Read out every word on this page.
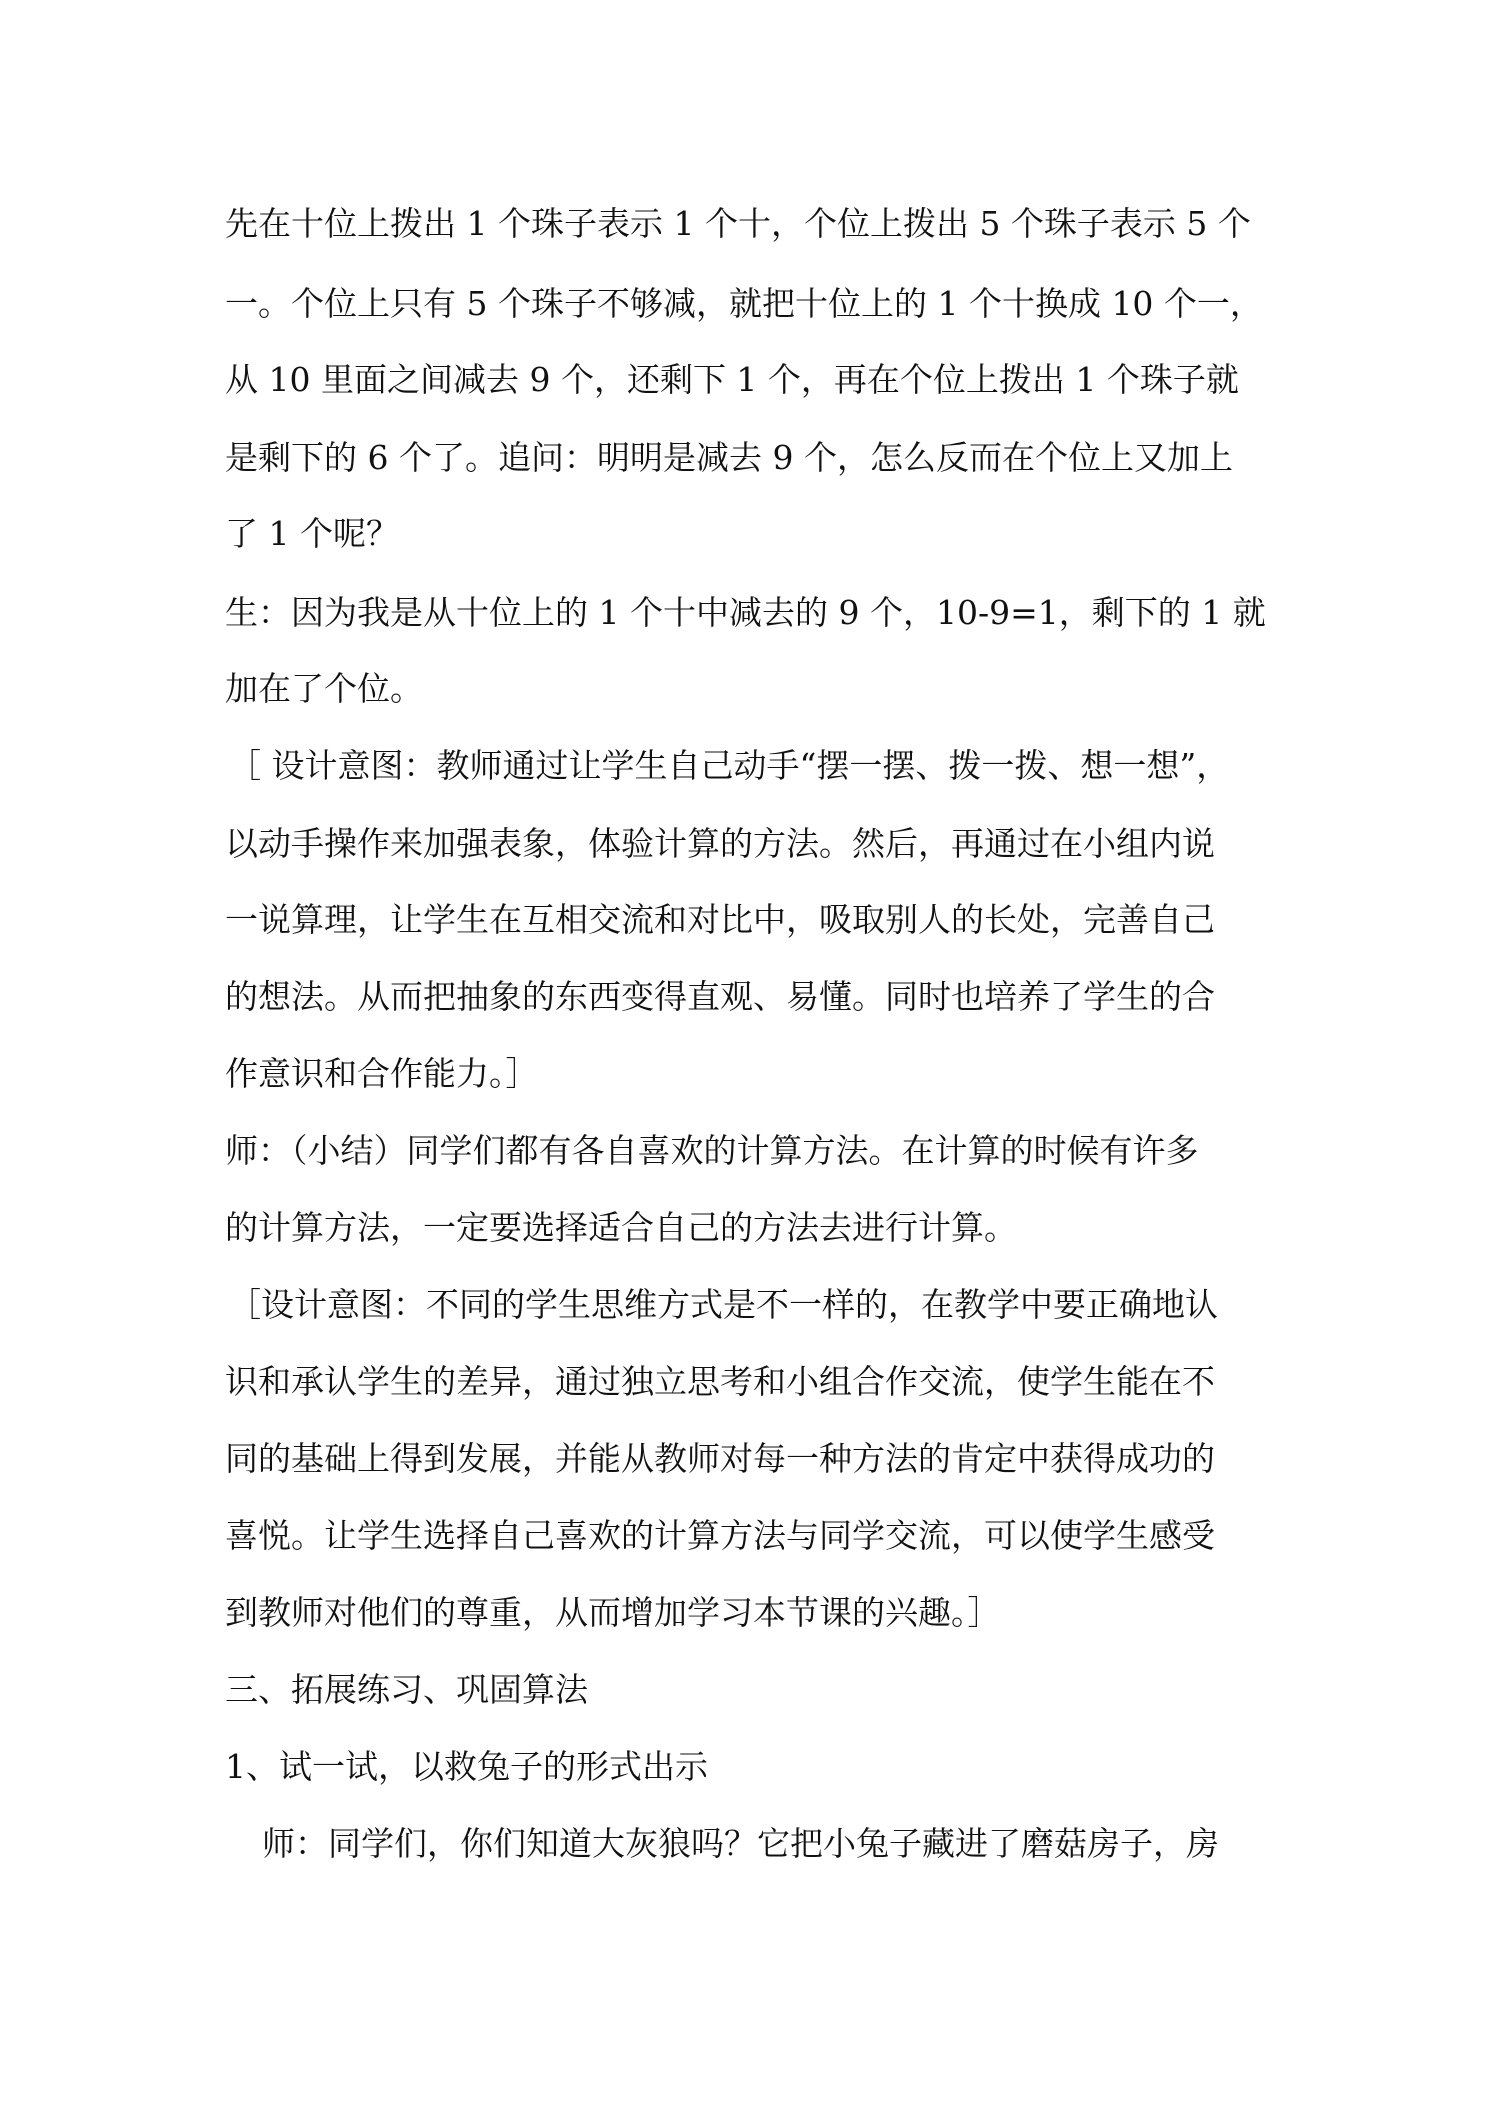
先在十位上拨出 1 个珠子表示 1 个十，个位上拨出 5 个珠子表示 5 个
一。个位上只有 5 个珠子不够减，就把十位上的 1 个十换成 10 个一，
从 10 里面之间减去 9 个，还剩下 1 个，再在个位上拨出 1 个珠子就
是剩下的 6 个了。追问：明明是减去 9 个，怎么反而在个位上又加上
了 1 个呢？
生：因为我是从十位上的 1 个十中减去的 9 个，10-9=1，剩下的 1 就
加在了个位。
［ 设计意图：教师通过让学生自己动手“摆一摆、拨一拨、想一想”，
以动手操作来加强表象，体验计算的方法。然后，再通过在小组内说
一说算理，让学生在互相交流和对比中，吸取别人的长处，完善自己
的想法。从而把抽象的东西变得直观、易懂。同时也培养了学生的合
作意识和合作能力。］
师：（小结）同学们都有各自喜欢的计算方法。在计算的时候有许多
的计算方法，一定要选择适合自己的方法去进行计算。
［设计意图：不同的学生思维方式是不一样的，在教学中要正确地认
识和承认学生的差异，通过独立思考和小组合作交流，使学生能在不
同的基础上得到发展，并能从教师对每一种方法的肯定中获得成功的
喜悦。让学生选择自己喜欢的计算方法与同学交流，可以使学生感受
到教师对他们的尊重，从而增加学习本节课的兴趣。］
三、拓展练习、巩固算法
1、试一试，以救兔子的形式出示
师：同学们，你们知道大灰狼吗？它把小兔子藏进了磨菇房子，房
